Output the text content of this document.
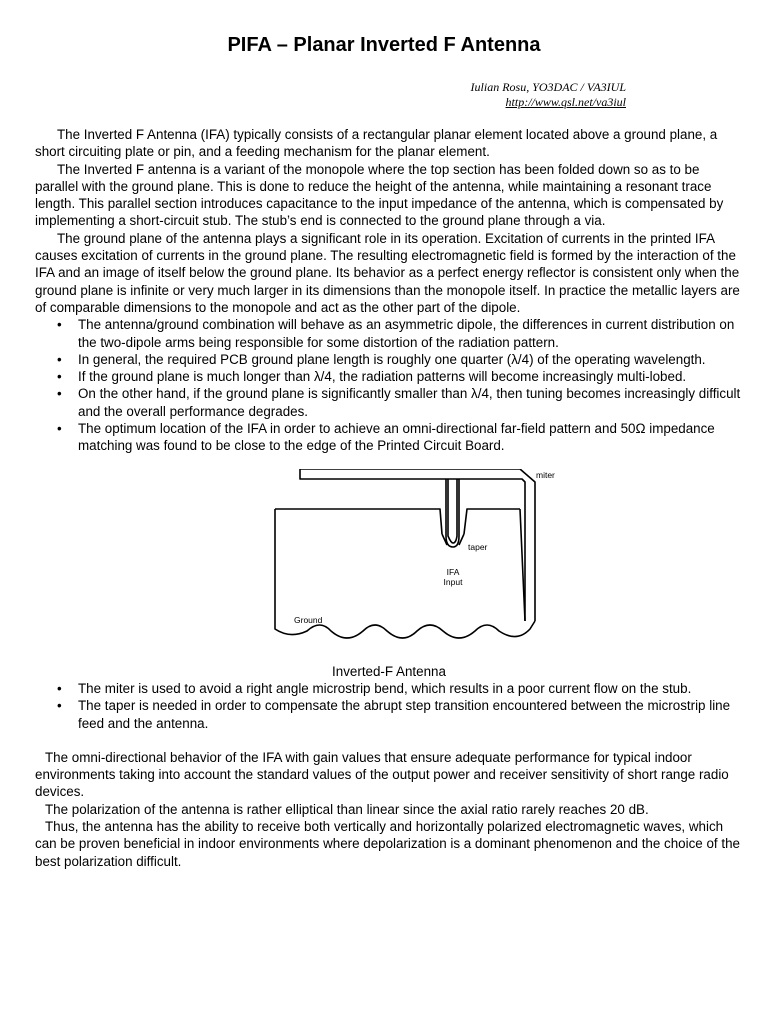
PIFA – Planar Inverted F Antenna
Iulian Rosu, YO3DAC / VA3IUL
http://www.qsl.net/va3iul

The Inverted F Antenna (IFA) typically consists of a rectangular planar element located above a ground plane, a short circuiting plate or pin, and a feeding mechanism for the planar element.

The Inverted F antenna is a variant of the monopole where the top section has been folded down so as to be parallel with the ground plane. This is done to reduce the height of the antenna, while maintaining a resonant trace length. This parallel section introduces capacitance to the input impedance of the antenna, which is compensated by implementing a short-circuit stub. The stub’s end is connected to the ground plane through a via.

The ground plane of the antenna plays a significant role in its operation. Excitation of currents in the printed IFA causes excitation of currents in the ground plane. The resulting electromagnetic field is formed by the interaction of the IFA and an image of itself below the ground plane. Its behavior as a perfect energy reflector is consistent only when the ground plane is infinite or very much larger in its dimensions than the monopole itself. In practice the metallic layers are of comparable dimensions to the monopole and act as the other part of the dipole.

• The antenna/ground combination will behave as an asymmetric dipole, the differences in current distribution on the two-dipole arms being responsible for some distortion of the radiation pattern.
• In general, the required PCB ground plane length is roughly one quarter (λ/4) of the operating wavelength.
• If the ground plane is much longer than λ/4, the radiation patterns will become increasingly multi-lobed.
• On the other hand, if the ground plane is significantly smaller than λ/4, then tuning becomes increasingly difficult and the overall performance degrades.
• The optimum location of the IFA in order to achieve an omni-directional far-field pattern and 50Ω impedance matching was found to be close to the edge of the Printed Circuit Board.
miter
taper
IFA
Input
Ground

Inverted-F Antenna

• The miter is used to avoid a right angle microstrip bend, which results in a poor current flow on the stub.
• The taper is needed in order to compensate the abrupt step transition encountered between the microstrip line feed and the antenna.

The omni-directional behavior of the IFA with gain values that ensure adequate performance for typical indoor environments taking into account the standard values of the output power and receiver sensitivity of short range radio devices.

The polarization of the antenna is rather elliptical than linear since the axial ratio rarely reaches 20 dB.

Thus, the antenna has the ability to receive both vertically and horizontally polarized electromagnetic waves, which can be proven beneficial in indoor environments where depolarization is a dominant phenomenon and the choice of the best polarization difficult.
